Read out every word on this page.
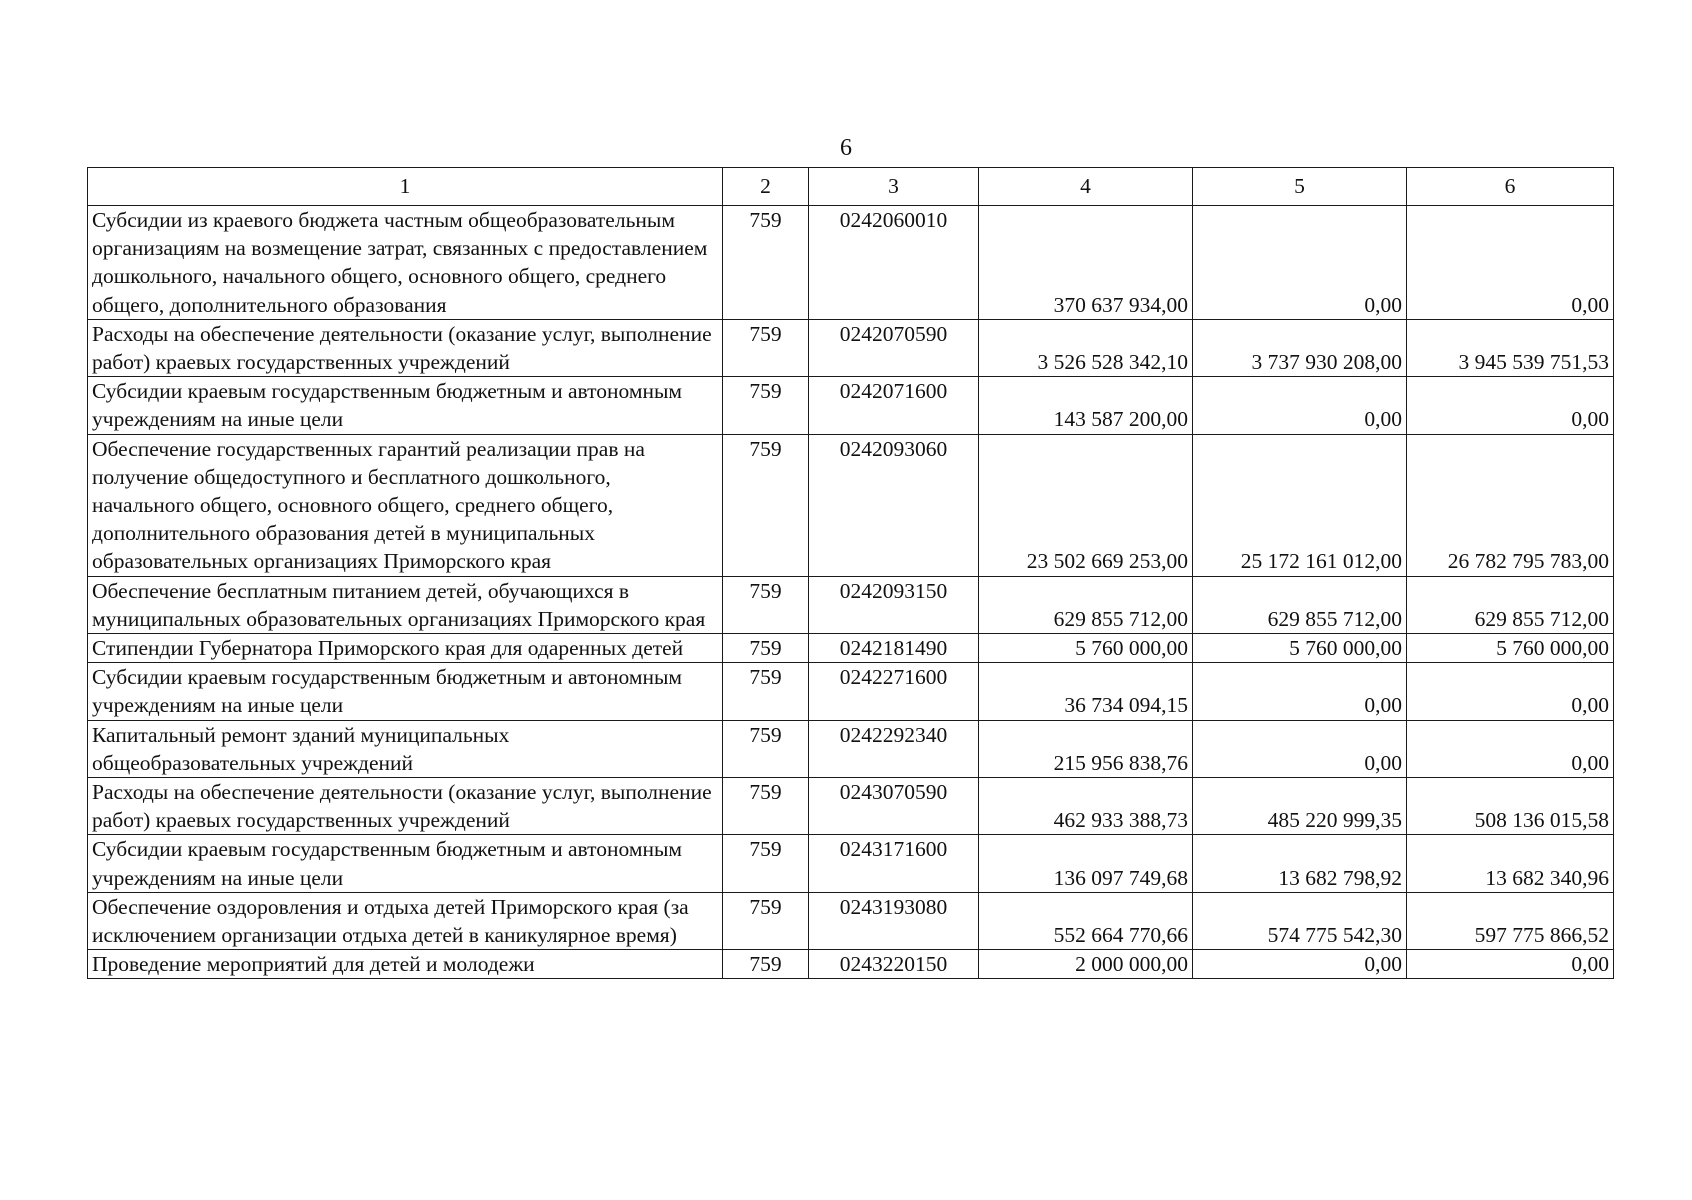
6
1	2	3	4	5	6
Субсидии из краевого бюджета частным общеобразовательным организациям на возмещение затрат, связанных с предоставлением дошкольного, начального общего, основного общего, среднего общего, дополнительного образования	759	0242060010	370 637 934,00	0,00	0,00
Расходы на обеспечение деятельности (оказание услуг, выполнение работ) краевых государственных учреждений	759	0242070590	3 526 528 342,10	3 737 930 208,00	3 945 539 751,53
Субсидии краевым государственным бюджетным и автономным учреждениям на иные цели	759	0242071600	143 587 200,00	0,00	0,00
Обеспечение государственных гарантий реализации прав на получение общедоступного и бесплатного дошкольного, начального общего, основного общего, среднего общего, дополнительного образования детей в муниципальных образовательных организациях Приморского края	759	0242093060	23 502 669 253,00	25 172 161 012,00	26 782 795 783,00
Обеспечение бесплатным питанием детей, обучающихся в муниципальных образовательных организациях Приморского края	759	0242093150	629 855 712,00	629 855 712,00	629 855 712,00
Стипендии Губернатора Приморского края для одаренных детей	759	0242181490	5 760 000,00	5 760 000,00	5 760 000,00
Субсидии краевым государственным бюджетным и автономным учреждениям на иные цели	759	0242271600	36 734 094,15	0,00	0,00
Капитальный ремонт зданий муниципальных общеобразовательных учреждений	759	0242292340	215 956 838,76	0,00	0,00
Расходы на обеспечение деятельности (оказание услуг, выполнение работ) краевых государственных учреждений	759	0243070590	462 933 388,73	485 220 999,35	508 136 015,58
Субсидии краевым государственным бюджетным и автономным учреждениям на иные цели	759	0243171600	136 097 749,68	13 682 798,92	13 682 340,96
Обеспечение оздоровления и отдыха детей Приморского края (за исключением организации отдыха детей в каникулярное время)	759	0243193080	552 664 770,66	574 775 542,30	597 775 866,52
Проведение мероприятий для детей и молодежи	759	0243220150	2 000 000,00	0,00	0,00
